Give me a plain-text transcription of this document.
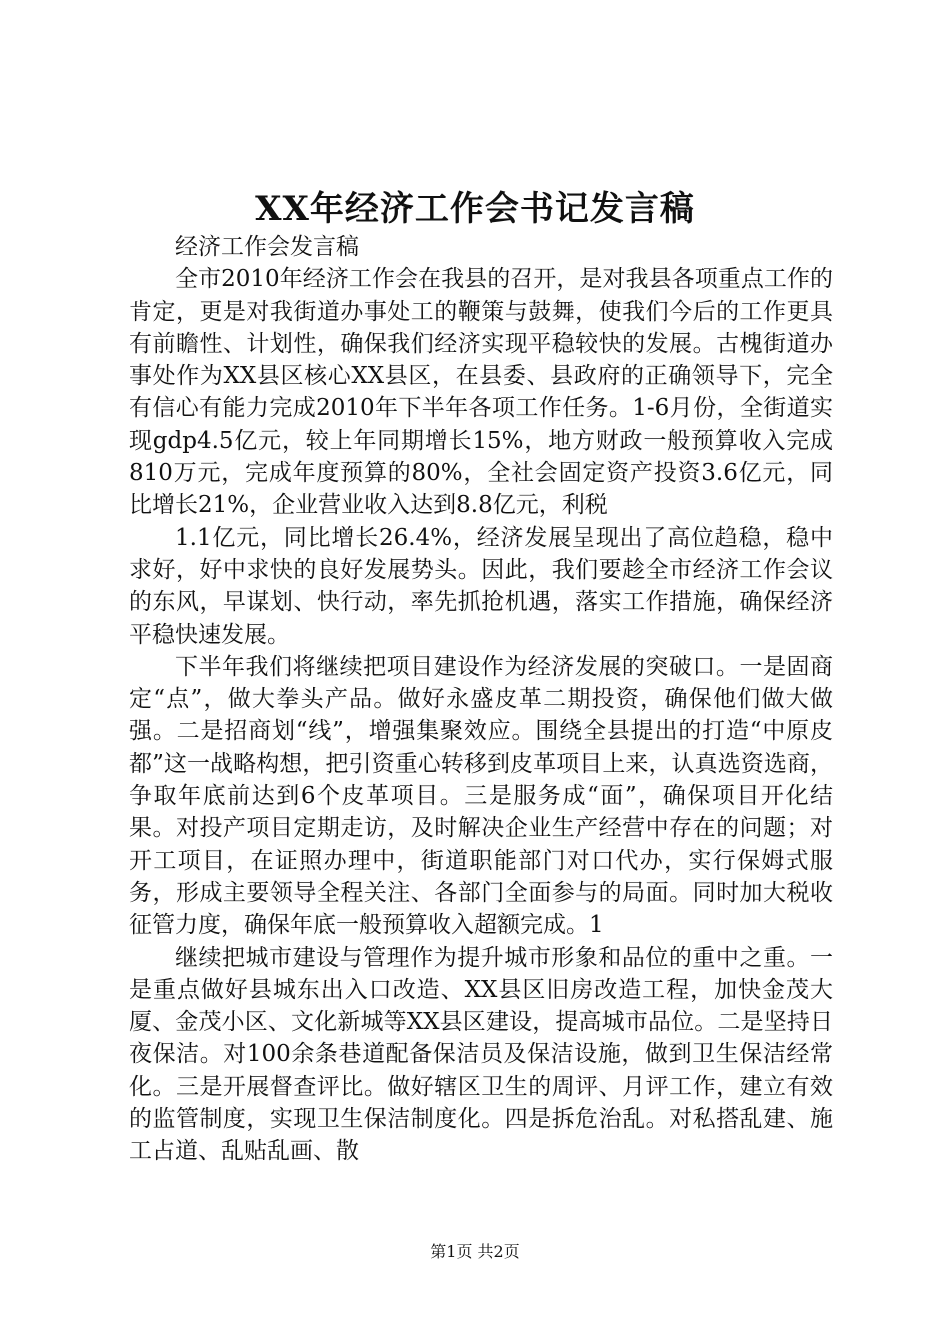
XX年经济工作会书记发言稿

经济工作会发言稿

全市2010年经济工作会在我县的召开，是对我县各项重点工作的肯定，更是对我街道办事处工的鞭策与鼓舞，使我们今后的工作更具有前瞻性、计划性，确保我们经济实现平稳较快的发展。古槐街道办事处作为XX县区核心XX县区，在县委、县政府的正确领导下，完全有信心有能力完成2010年下半年各项工作任务。1-6月份，全街道实现gdp4.5亿元，较上年同期增长15%，地方财政一般预算收入完成810万元，完成年度预算的80%，全社会固定资产投资3.6亿元，同比增长21%，企业营业收入达到8.8亿元，利税

1.1亿元，同比增长26.4%，经济发展呈现出了高位趋稳，稳中求好，好中求快的良好发展势头。因此，我们要趁全市经济工作会议的东风，早谋划、快行动，率先抓抢机遇，落实工作措施，确保经济平稳快速发展。

下半年我们将继续把项目建设作为经济发展的突破口。一是固商定“点”，做大拳头产品。做好永盛皮革二期投资，确保他们做大做强。二是招商划“线”，增强集聚效应。围绕全县提出的打造“中原皮都”这一战略构想，把引资重心转移到皮革项目上来，认真选资选商，争取年底前达到6个皮革项目。三是服务成“面”，确保项目开化结果。对投产项目定期走访，及时解决企业生产经营中存在的问题；对开工项目，在证照办理中，街道职能部门对口代办，实行保姆式服务，形成主要领导全程关注、各部门全面参与的局面。同时加大税收征管力度，确保年底一般预算收入超额完成。1

继续把城市建设与管理作为提升城市形象和品位的重中之重。一是重点做好县城东出入口改造、XX县区旧房改造工程，加快金茂大厦、金茂小区、文化新城等XX县区建设，提高城市品位。二是坚持日夜保洁。对100余条巷道配备保洁员及保洁设施，做到卫生保洁经常化。三是开展督查评比。做好辖区卫生的周评、月评工作，建立有效的监管制度，实现卫生保洁制度化。四是拆危治乱。对私搭乱建、施工占道、乱贴乱画、散

第1页 共2页
